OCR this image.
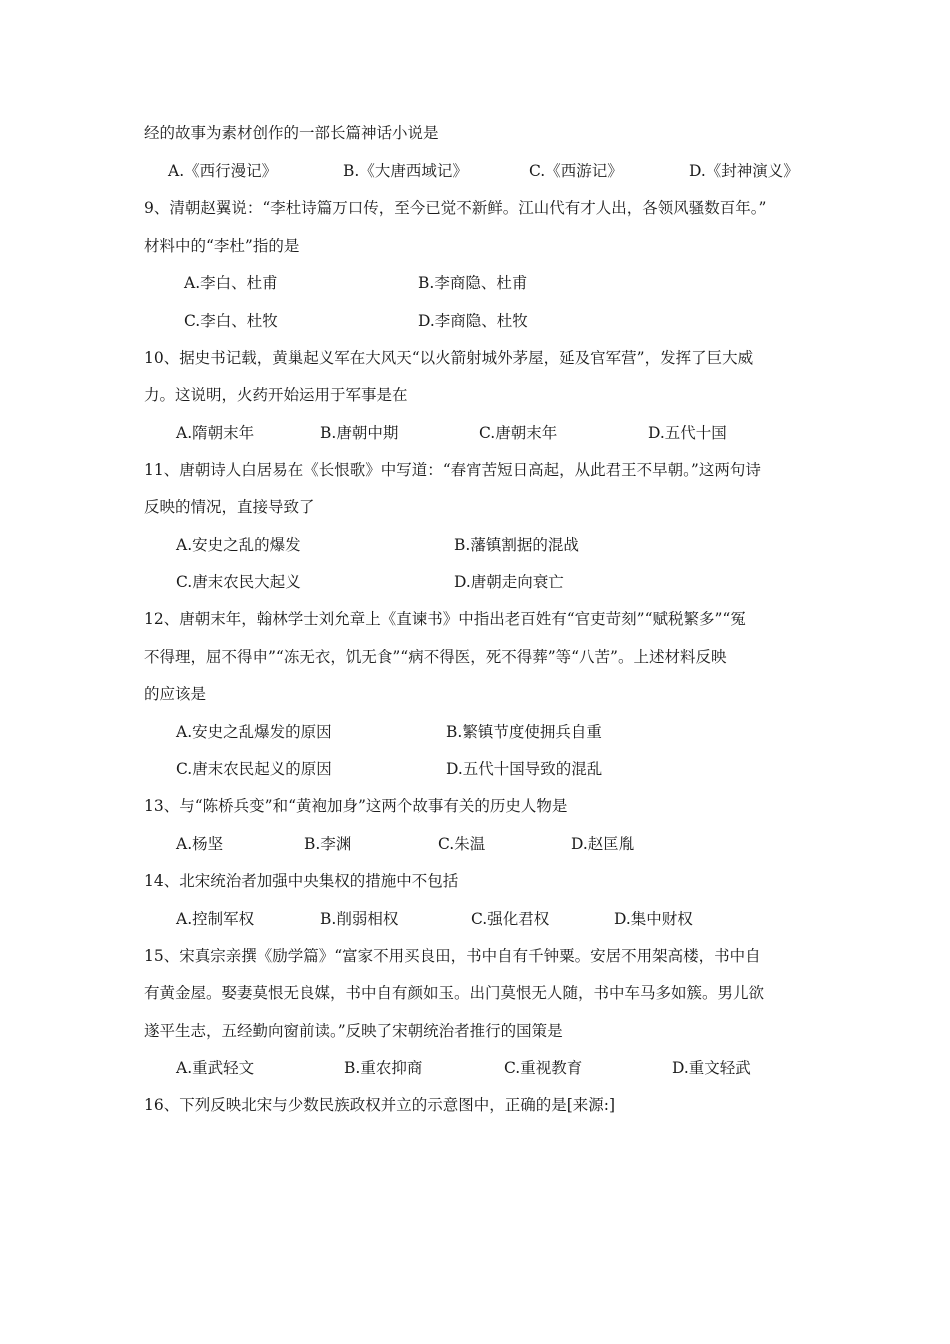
经的故事为素材创作的一部长篇神话小说是
A.《西行漫记》	B.《大唐西域记》	C.《西游记》	D.《封神演义》
9、清朝赵翼说：“李杜诗篇万口传，至今已觉不新鲜。江山代有才人出，各领风骚数百年。”
材料中的“李杜”指的是
A.李白、杜甫	B.李商隐、杜甫
C.李白、杜牧	D.李商隐、杜牧
10、据史书记载，黄巢起义军在大风天“以火箭射城外茅屋，延及官军营”，发挥了巨大威
力。这说明，火药开始运用于军事是在
A.隋朝末年	B.唐朝中期	C.唐朝末年	D.五代十国
11、唐朝诗人白居易在《长恨歌》中写道：“春宵苦短日高起，从此君王不早朝。”这两句诗
反映的情况，直接导致了
A.安史之乱的爆发	B.藩镇割据的混战
C.唐末农民大起义	D.唐朝走向衰亡
12、唐朝末年，翰林学士刘允章上《直谏书》中指出老百姓有“官吏苛刻”“赋税繁多”“冤
不得理，屈不得申”“冻无衣，饥无食”“病不得医，死不得葬”等“八苦”。上述材料反映
的应该是
A.安史之乱爆发的原因	B.繁镇节度使拥兵自重
C.唐末农民起义的原因	D.五代十国导致的混乱
13、与“陈桥兵变”和“黄袍加身”这两个故事有关的历史人物是
A.杨坚	B.李渊	C.朱温	D.赵匡胤
14、北宋统治者加强中央集权的措施中不包括
A.控制军权	B.削弱相权	C.强化君权	D.集中财权
15、宋真宗亲撰《励学篇》“富家不用买良田，书中自有千钟粟。安居不用架高楼，书中自
有黄金屋。娶妻莫恨无良媒，书中自有颜如玉。出门莫恨无人随，书中车马多如簇。男儿欲
遂平生志，五经勤向窗前读。”反映了宋朝统治者推行的国策是
A.重武轻文	B.重农抑商	C.重视教育	D.重文轻武
16、下列反映北宋与少数民族政权并立的示意图中，正确的是[来源:]
